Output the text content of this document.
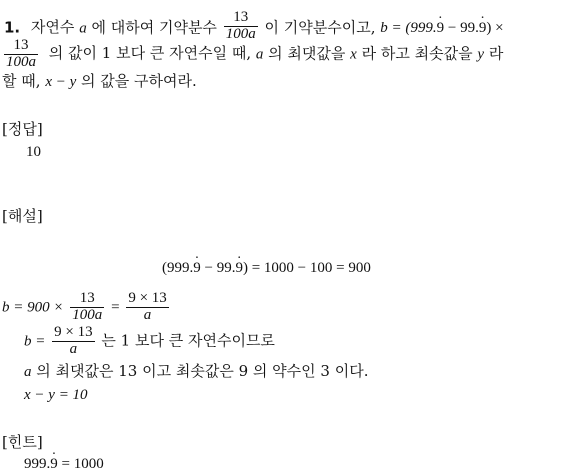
1. 자연수 a 에 대하여 기약분수 $\frac{13}{100a}$ 이 기약분수이고, b = (999.9 · − 99.9 ·) ×
$\frac{13}{100a}$ 의 값이 1 보다 큰 자연수일 때, a 의 최댓값을 x 라 하고 최솟값을 y 라
할 때, x − y 의 값을 구하여라.
[정답]
10
[해설]
(999.9 · − 99.9 ·) = 1000 − 100 = 900
$b = 900 \times \frac{13}{100a} = \frac{9 \times 13}{a}$
$b = \frac{9 \times 13}{a}$ 는 1 보다 큰 자연수이므로
a 의 최댓값은 13 이고 최솟값은 9 의 약수인 3 이다.
x − y = 10
[힌트]
999.9 · = 1000
